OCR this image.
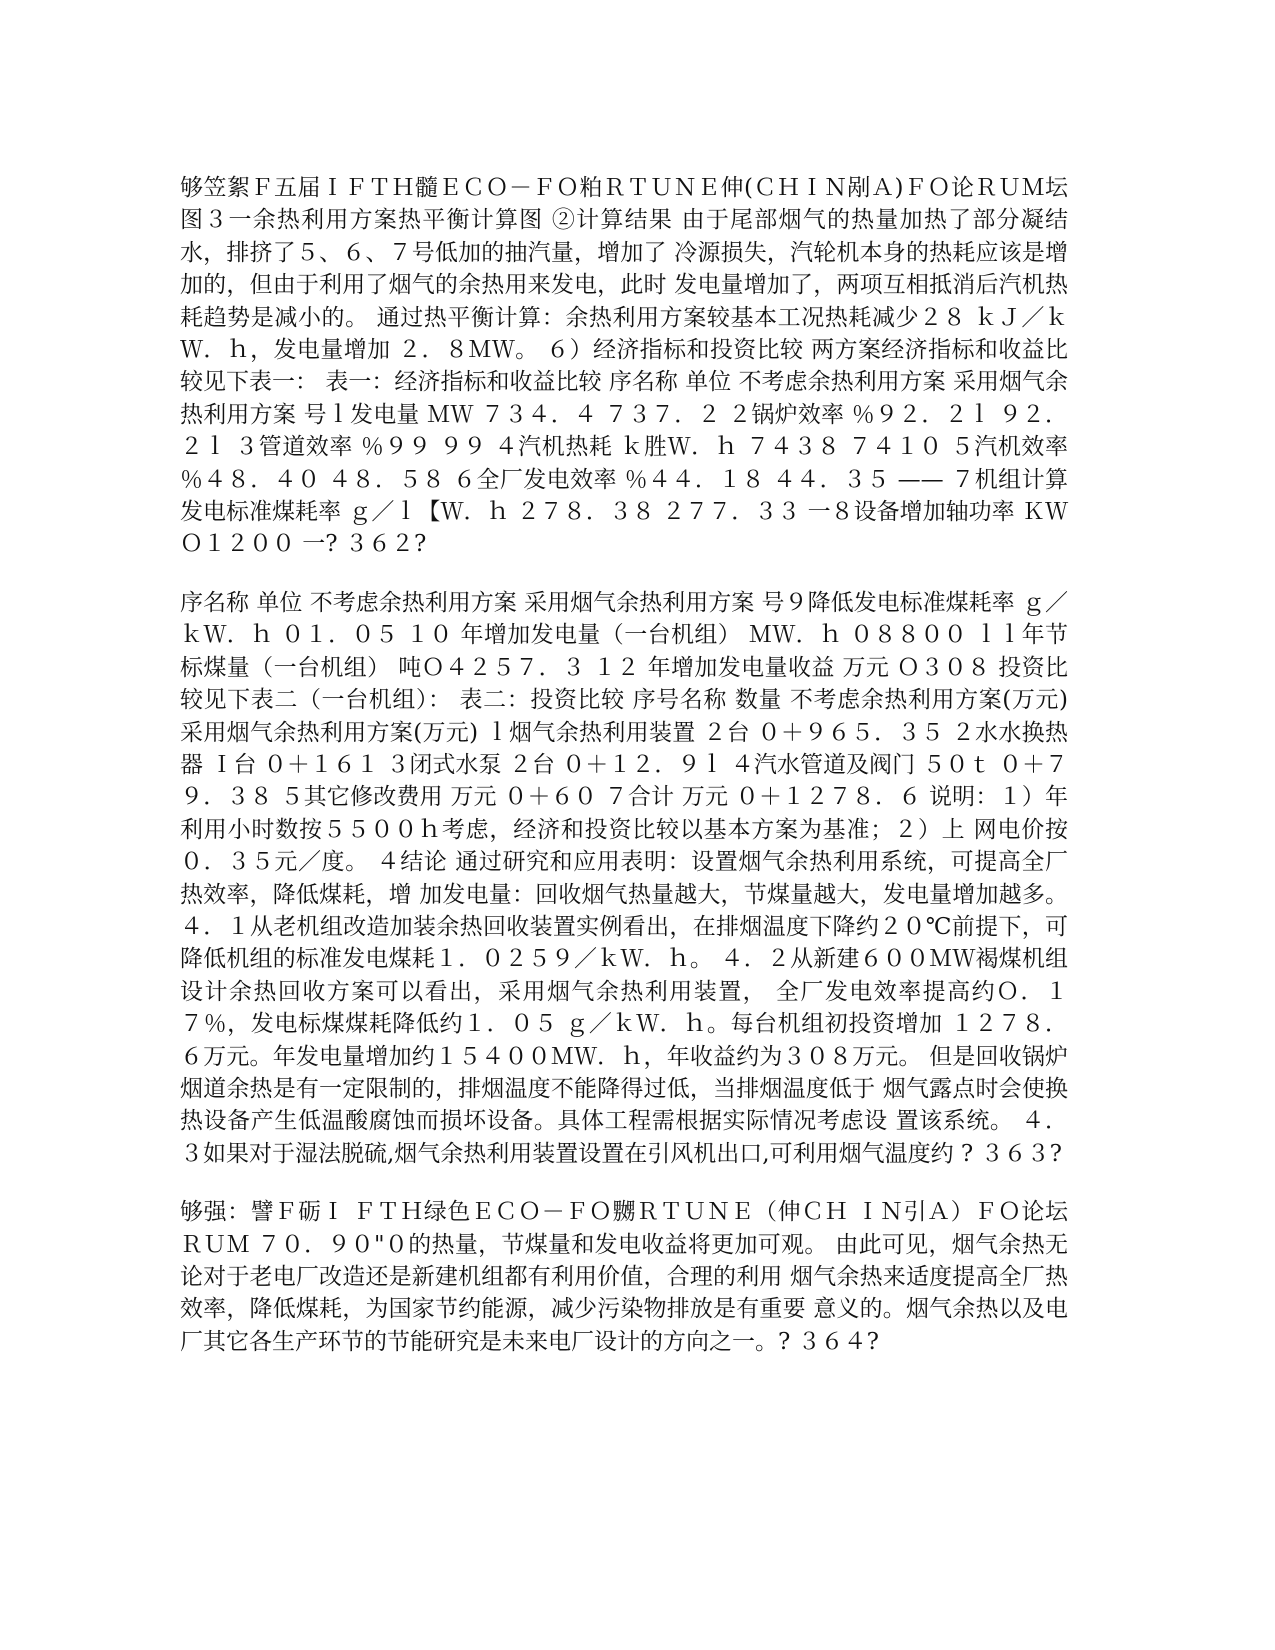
够笠絮Ｆ五届ＩＦＴＨ髓ＥＣＯ－ＦＯ粕ＲＴＵＮＥ伸(ＣＨＩＮ剐Ａ)ＦＯ论ＲＵＭ坛 图３一余热利用方案热平衡计算图 ②计算结果 由于尾部烟气的热量加热了部分凝结水，排挤了５、６、７号低加的抽汽量，增加了 冷源损失，汽轮机本身的热耗应该是增加的，但由于利用了烟气的余热用来发电，此时 发电量增加了，两项互相抵消后汽机热耗趋势是减小的。 通过热平衡计算：余热利用方案较基本工况热耗减少２８ ｋＪ／ｋＷ．ｈ，发电量增加 ２．８ＭＷ。 ６）经济指标和投资比较 两方案经济指标和收益比较见下表一： 表一：经济指标和收益比较 序名称 单位 不考虑余热利用方案 采用烟气余热利用方案 号ｌ发电量 ＭＷ ７３４．４ ７３７．２ ２锅炉效率 ％９２．２ｌ ９２．２ｌ ３管道效率 ％９９ ９９ ４汽机热耗 ｋ胜Ｗ．ｈ ７４３８ ７４１０ ５汽机效率 ％４８．４０ ４８．５８ ６全厂发电效率 ％４４．１８ ４４．３５ —— ７机组计算发电标准煤耗率 ｇ／ｌ【Ｗ．ｈ ２７８．３８ ２７７．３３ 一８设备增加轴功率 ＫＷ Ｏ１２００ 一? ３６２?

序名称 单位 不考虑余热利用方案 采用烟气余热利用方案 号９降低发电标准煤耗率 ｇ／ｋＷ．ｈ ０１．０５ １０ 年增加发电量（一台机组） ＭＷ．ｈ ０８８００ ｌｌ年节标煤量（一台机组） 吨Ｏ４２５７．３ １２ 年增加发电量收益 万元 Ｏ３０８ 投资比较见下表二（一台机组）： 表二：投资比较 序号名称 数量 不考虑余热利用方案(万元) 采用烟气余热利用方案(万元) ｌ烟气余热利用装置 ２台 ０＋９６５．３５ ２水水换热器 Ｉ台 ０＋１６１ ３闭式水泵 ２台 ０＋１２．９ｌ ４汽水管道及阀门 ５０ｔ ０＋７９．３８ ５其它修改费用 万元 ０＋６０ ７合计 万元 ０＋１２７８．６ 说明：１）年利用小时数按５５００ｈ考虑，经济和投资比较以基本方案为基准；２）上 网电价按０．３５元／度。 ４结论 通过研究和应用表明：设置烟气余热利用系统，可提高全厂热效率，降低煤耗，增 加发电量：回收烟气热量越大，节煤量越大，发电量增加越多。 ４．１从老机组改造加装余热回收装置实例看出，在排烟温度下降约２０℃前提下，可 降低机组的标准发电煤耗１．０２５９／ｋＷ．ｈ。 ４．２从新建６００ＭＷ褐煤机组设计余热回收方案可以看出，采用烟气余热利用装置， 全厂发电效率提高约Ｏ．１７％，发电标煤煤耗降低约１．０５ ｇ／ｋＷ．ｈ。每台机组初投资增加 １２７８．６万元。年发电量增加约１５４００ＭＷ．ｈ，年收益约为３０８万元。 但是回收锅炉烟道余热是有一定限制的，排烟温度不能降得过低，当排烟温度低于 烟气露点时会使换热设备产生低温酸腐蚀而损坏设备。具体工程需根据实际情况考虑设 置该系统。 ４．３如果对于湿法脱硫,烟气余热利用装置设置在引风机出口,可利用烟气温度约 ? ３６３?

够强：譬Ｆ砺Ｉ ＦＴＨ绿色ＥＣＯ－ＦＯ嬲ＲＴＵＮＥ（伸ＣＨ ＩＮ引Ａ）ＦＯ论坛ＲＵＭ ７０．９０"０的热量，节煤量和发电收益将更加可观。 由此可见，烟气余热无论对于老电厂改造还是新建机组都有利用价值，合理的利用 烟气余热来适度提高全厂热效率，降低煤耗，为国家节约能源，减少污染物排放是有重要 意义的。烟气余热以及电厂其它各生产环节的节能研究是未来电厂设计的方向之一。? ３６４?
